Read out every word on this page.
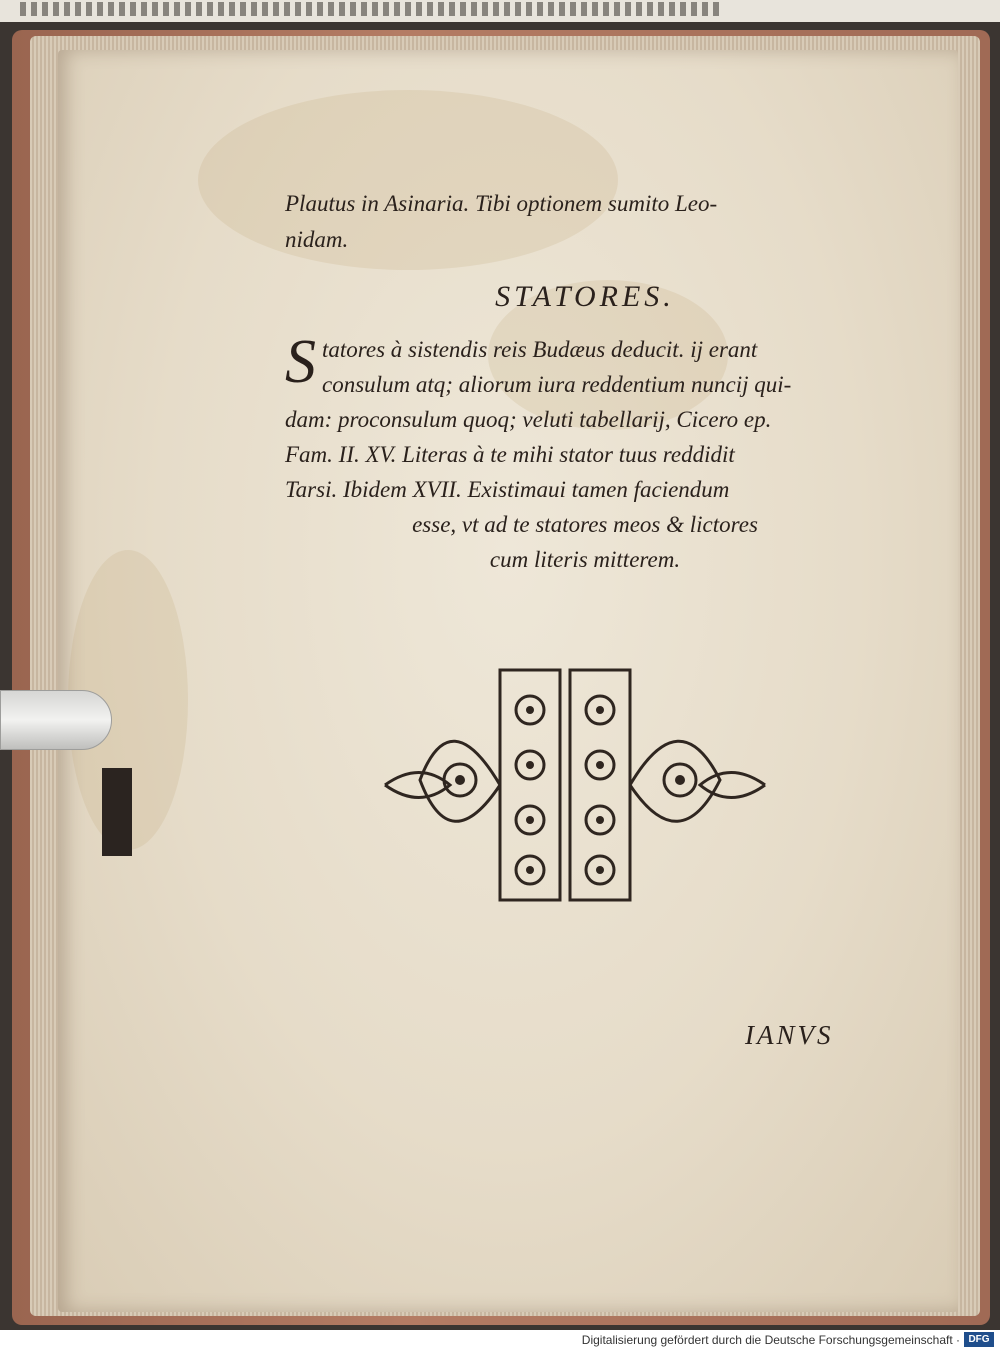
Plautus in Asinaria. Tibi optionem sumito Leo-
nidam.

STATORES.

S tatores à sistendis reis Budæus deducit. ij erant
consulum atq; aliorum iura reddentium nuncij qui-
dam: proconsulum quoq; veluti tabellarij, Cicero ep.
Fam. II. XV. Literas à te mihi stator tuus reddidit
Tarsi. Ibidem XVII. Existimaui tamen faciendum
esse, vt ad te statores meos & lictores
cum literis mitterem.

IANVS
Digitalisierung gefördert durch die Deutsche Forschungsgemeinschaft · DFG
